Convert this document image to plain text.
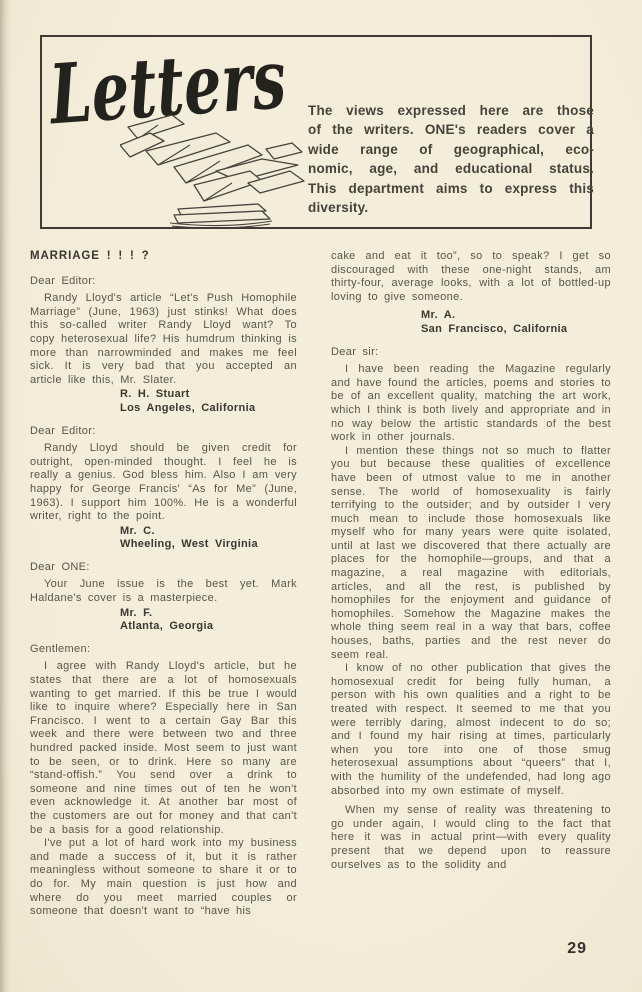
Letters
The views expressed here are those
of the writers. ONE's readers cover a
wide range of geographical, eco-
nomic, age, and educational status.
This department aims to express this
diversity.
MARRIAGE ! ! ! ?
Dear Editor:

Randy Lloyd's article “Let's Push Homophile Marriage” (June, 1963) just stinks! What does this so-called writer Randy Lloyd want? To copy heterosexual life? His humdrum thinking is more than narrowminded and makes me feel sick. It is very bad that you accepted an article like this, Mr. Slater.

R. H. Stuart
Los Angeles, California
Dear Editor:

Randy Lloyd should be given credit for outright, open-minded thought. I feel he is really a genius. God bless him. Also I am very happy for George Francis' “As for Me” (June, 1963). I support him 100%. He is a wonderful writer, right to the point.

Mr. C.
Wheeling, West Virginia
Dear ONE:

Your June issue is the best yet. Mark Haldane's cover is a masterpiece.

Mr. F.
Atlanta, Georgia
Gentlemen:

I agree with Randy Lloyd's article, but he states that there are a lot of homosexuals wanting to get married. If this be true I would like to inquire where? Especially here in San Francisco. I went to a certain Gay Bar this week and there were between two and three hundred packed inside. Most seem to just want to be seen, or to drink. Here so many are “stand-offish.” You send over a drink to someone and nine times out of ten he won't even acknowledge it. At another bar most of the customers are out for money and that can't be a basis for a good relationship.

I've put a lot of hard work into my business and made a success of it, but it is rather meaningless without someone to share it or to do for. My main question is just how and where do you meet married couples or someone that doesn't want to “have his

cake and eat it too”, so to speak? I get so discouraged with these one-night stands, am thirty-four, average looks, with a lot of bottled-up loving to give someone.

Mr. A.
San Francisco, California
Dear sir:

I have been reading the Magazine regularly and have found the articles, poems and stories to be of an excellent quality, matching the art work, which I think is both lively and appropriate and in no way below the artistic standards of the best work in other journals.

I mention these things not so much to flatter you but because these qualities of excellence have been of utmost value to me in another sense. The world of homosexuality is fairly terrifying to the outsider; and by outsider I very much mean to include those homosexuals like myself who for many years were quite isolated, until at last we discovered that there actually are places for the homophile—groups, and that a magazine, a real magazine with editorials, articles, and all the rest, is published by homophiles for the enjoyment and guidance of homophiles. Somehow the Magazine makes the whole thing seem real in a way that bars, coffee houses, baths, parties and the rest never do seem real.

I know of no other publication that gives the homosexual credit for being fully human, a person with his own qualities and a right to be treated with respect. It seemed to me that you were terribly daring, almost indecent to do so; and I found my hair rising at times, particularly when you tore into one of those smug heterosexual assumptions about “queers” that I, with the humility of the undefended, had long ago absorbed into my own estimate of myself.

When my sense of reality was threatening to go under again, I would cling to the fact that here it was in actual print—with every quality present that we depend upon to reassure ourselves as to the solidity and

29
